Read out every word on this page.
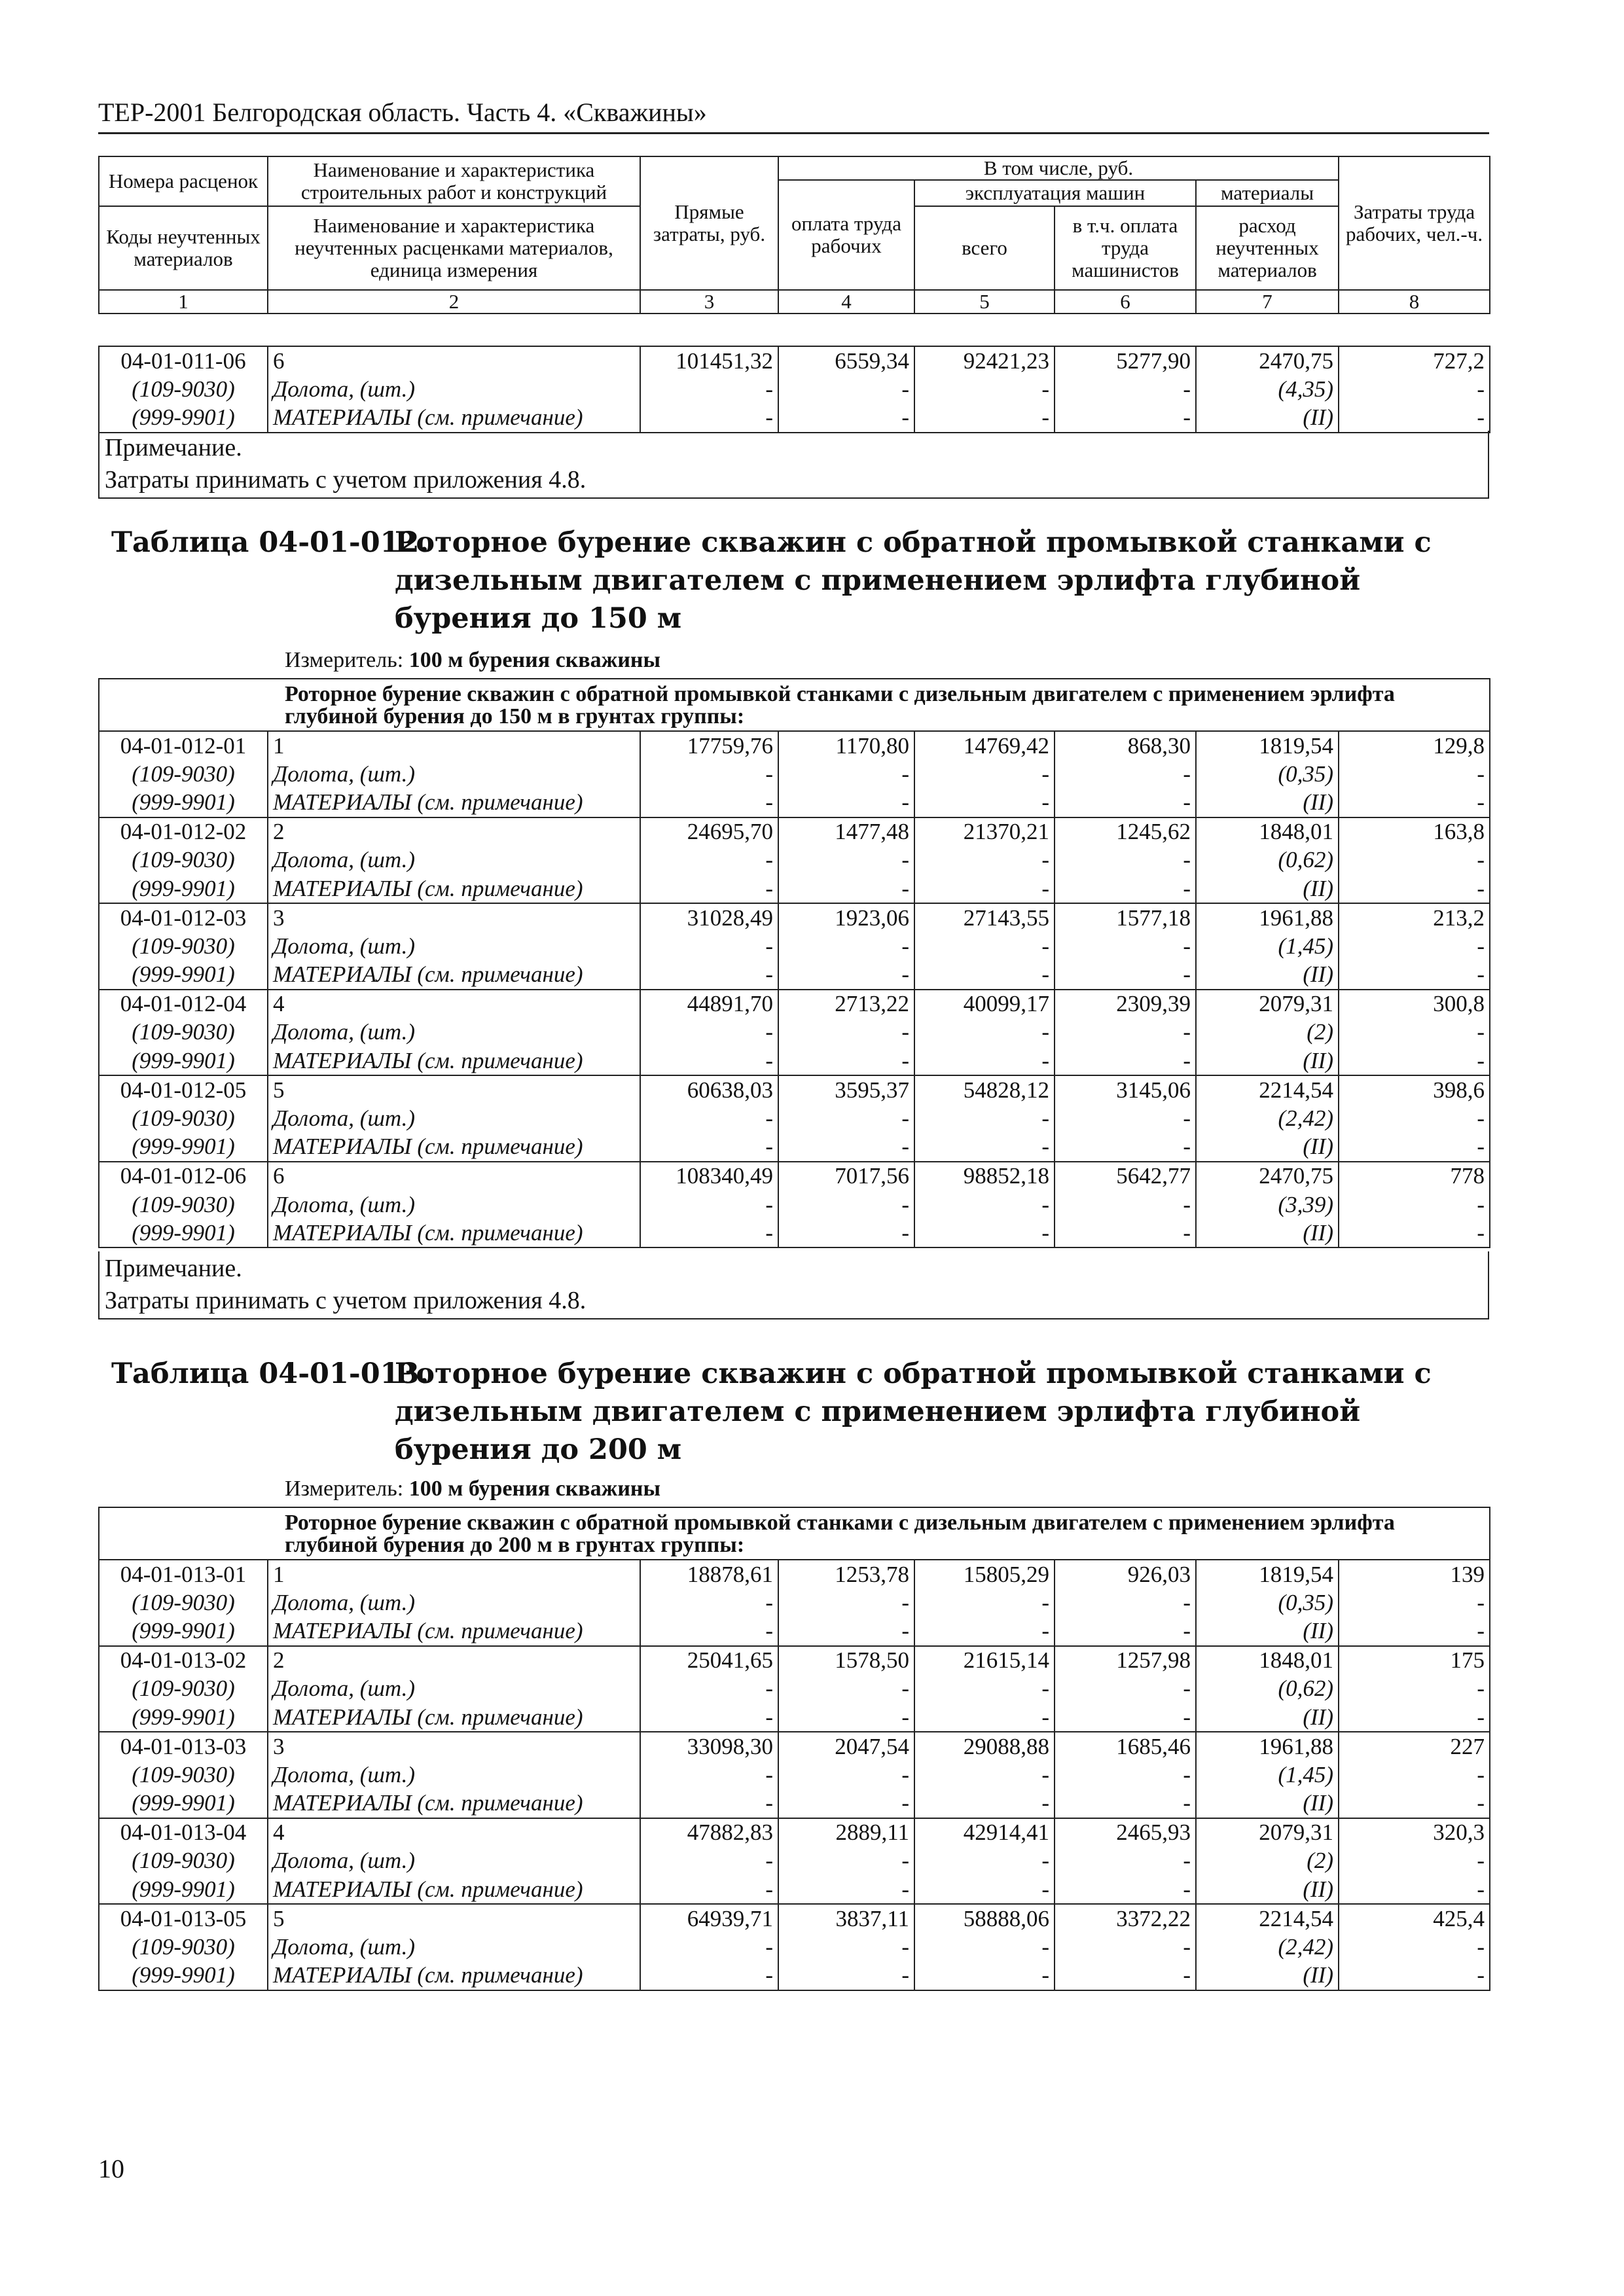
ТЕР-2001 Белгородская область. Часть 4. «Скважины»
Номера расценок	Наименование и характеристика строительных работ и конструкций	Прямые затраты, руб.	В том числе, руб.				Затраты труда рабочих, чел.-ч.
			оплата труда рабочих	эксплуатация машин		материалы	
Коды неучтенных материалов	Наименование и характеристика неучтенных расценками материалов, единица измерения			всего	в т.ч. оплата труда машинистов	расход неучтенных материалов	

1	2	3	4	5	6	7	8
04-01-011-06	6	101451,32	6559,34	92421,23	5277,90	2470,75	727,2
(109-9030)	Долота, (шт.)	-	-	-	-	(4,35)	-
(999-9901)	МАТЕРИАЛЫ (см. примечание)	-	-	-	-	(II)	-
Примечание.
Затраты принимать с учетом приложения 4.8.
Таблица 04-01-012.
Роторное бурение скважин с обратной промывкой станками с дизельным двигателем с применением эрлифта глубиной бурения до 150 м
Измеритель: 100 м бурения скважины
Роторное бурение скважин с обратной промывкой станками с дизельным двигателем с применением эрлифта глубиной бурения до 150 м в грунтах группы:							
04-01-012-01	1	17759,76	1170,80	14769,42	868,30	1819,54	129,8
(109-9030)	Долота, (шт.)	-	-	-	-	(0,35)	-
(999-9901)	МАТЕРИАЛЫ (см. примечание)	-	-	-	-	(II)	-
04-01-012-02	2	24695,70	1477,48	21370,21	1245,62	1848,01	163,8
(109-9030)	Долота, (шт.)	-	-	-	-	(0,62)	-
(999-9901)	МАТЕРИАЛЫ (см. примечание)	-	-	-	-	(II)	-
04-01-012-03	3	31028,49	1923,06	27143,55	1577,18	1961,88	213,2
(109-9030)	Долота, (шт.)	-	-	-	-	(1,45)	-
(999-9901)	МАТЕРИАЛЫ (см. примечание)	-	-	-	-	(II)	-
04-01-012-04	4	44891,70	2713,22	40099,17	2309,39	2079,31	300,8
(109-9030)	Долота, (шт.)	-	-	-	-	(2)	-
(999-9901)	МАТЕРИАЛЫ (см. примечание)	-	-	-	-	(II)	-
04-01-012-05	5	60638,03	3595,37	54828,12	3145,06	2214,54	398,6
(109-9030)	Долота, (шт.)	-	-	-	-	(2,42)	-
(999-9901)	МАТЕРИАЛЫ (см. примечание)	-	-	-	-	(II)	-
04-01-012-06	6	108340,49	7017,56	98852,18	5642,77	2470,75	778
(109-9030)	Долота, (шт.)	-	-	-	-	(3,39)	-
(999-9901)	МАТЕРИАЛЫ (см. примечание)	-	-	-	-	(II)	-
Примечание.
Затраты принимать с учетом приложения 4.8.
Таблица 04-01-013.
Роторное бурение скважин с обратной промывкой станками с дизельным двигателем с применением эрлифта глубиной бурения до 200 м
Измеритель: 100 м бурения скважины
Роторное бурение скважин с обратной промывкой станками с дизельным двигателем с применением эрлифта глубиной бурения до 200 м в грунтах группы:							
04-01-013-01	1	18878,61	1253,78	15805,29	926,03	1819,54	139
(109-9030)	Долота, (шт.)	-	-	-	-	(0,35)	-
(999-9901)	МАТЕРИАЛЫ (см. примечание)	-	-	-	-	(II)	-
04-01-013-02	2	25041,65	1578,50	21615,14	1257,98	1848,01	175
(109-9030)	Долота, (шт.)	-	-	-	-	(0,62)	-
(999-9901)	МАТЕРИАЛЫ (см. примечание)	-	-	-	-	(II)	-
04-01-013-03	3	33098,30	2047,54	29088,88	1685,46	1961,88	227
(109-9030)	Долота, (шт.)	-	-	-	-	(1,45)	-
(999-9901)	МАТЕРИАЛЫ (см. примечание)	-	-	-	-	(II)	-
04-01-013-04	4	47882,83	2889,11	42914,41	2465,93	2079,31	320,3
(109-9030)	Долота, (шт.)	-	-	-	-	(2)	-
(999-9901)	МАТЕРИАЛЫ (см. примечание)	-	-	-	-	(II)	-
04-01-013-05	5	64939,71	3837,11	58888,06	3372,22	2214,54	425,4
(109-9030)	Долота, (шт.)	-	-	-	-	(2,42)	-
(999-9901)	МАТЕРИАЛЫ (см. примечание)	-	-	-	-	(II)	-
10
